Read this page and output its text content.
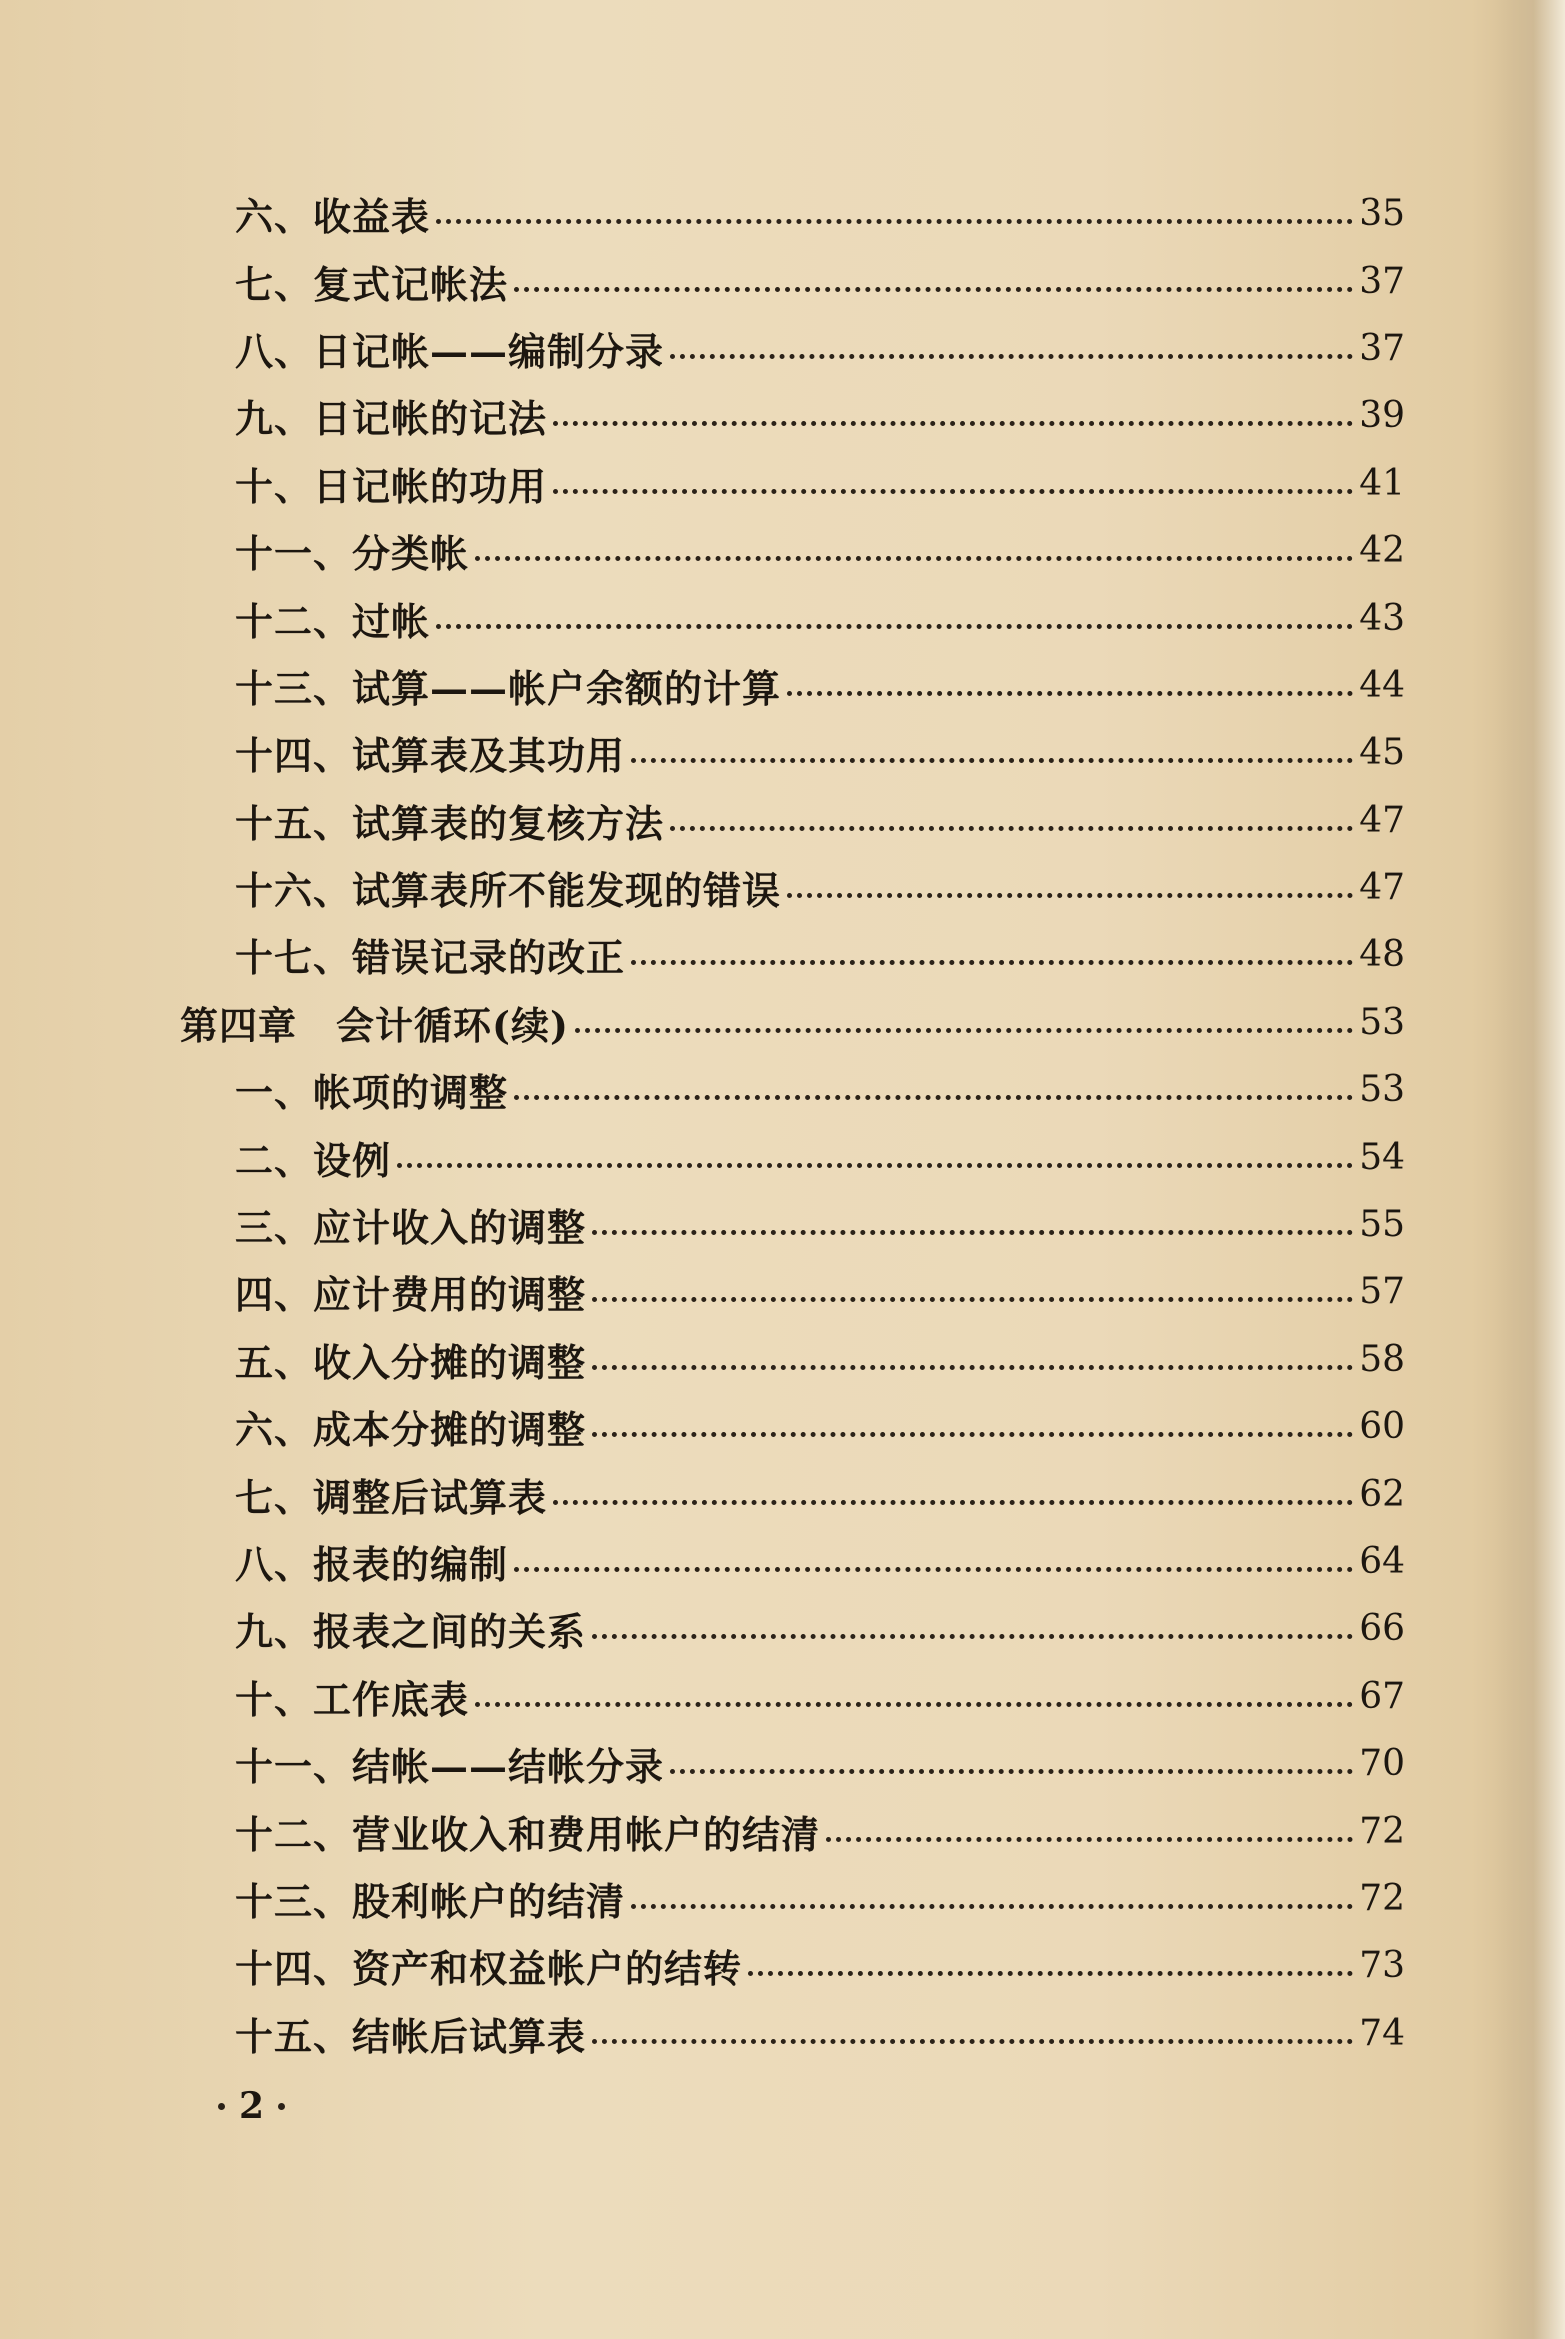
六、收益表	35
七、复式记帐法	37
八、日记帐——编制分录	37
九、日记帐的记法	39
十、日记帐的功用	41
十一、分类帐	42
十二、过帐	43
十三、试算——帐户余额的计算	44
十四、试算表及其功用	45
十五、试算表的复核方法	47
十六、试算表所不能发现的错误	47
十七、错误记录的改正	48
第四章　会计循环(续)	53
一、帐项的调整	53
二、设例	54
三、应计收入的调整	55
四、应计费用的调整	57
五、收入分摊的调整	58
六、成本分摊的调整	60
七、调整后试算表	62
八、报表的编制	64
九、报表之间的关系	66
十、工作底表	67
十一、结帐——结帐分录	70
十二、营业收入和费用帐户的结清	72
十三、股利帐户的结清	72
十四、资产和权益帐户的结转	73
十五、结帐后试算表	74
2
